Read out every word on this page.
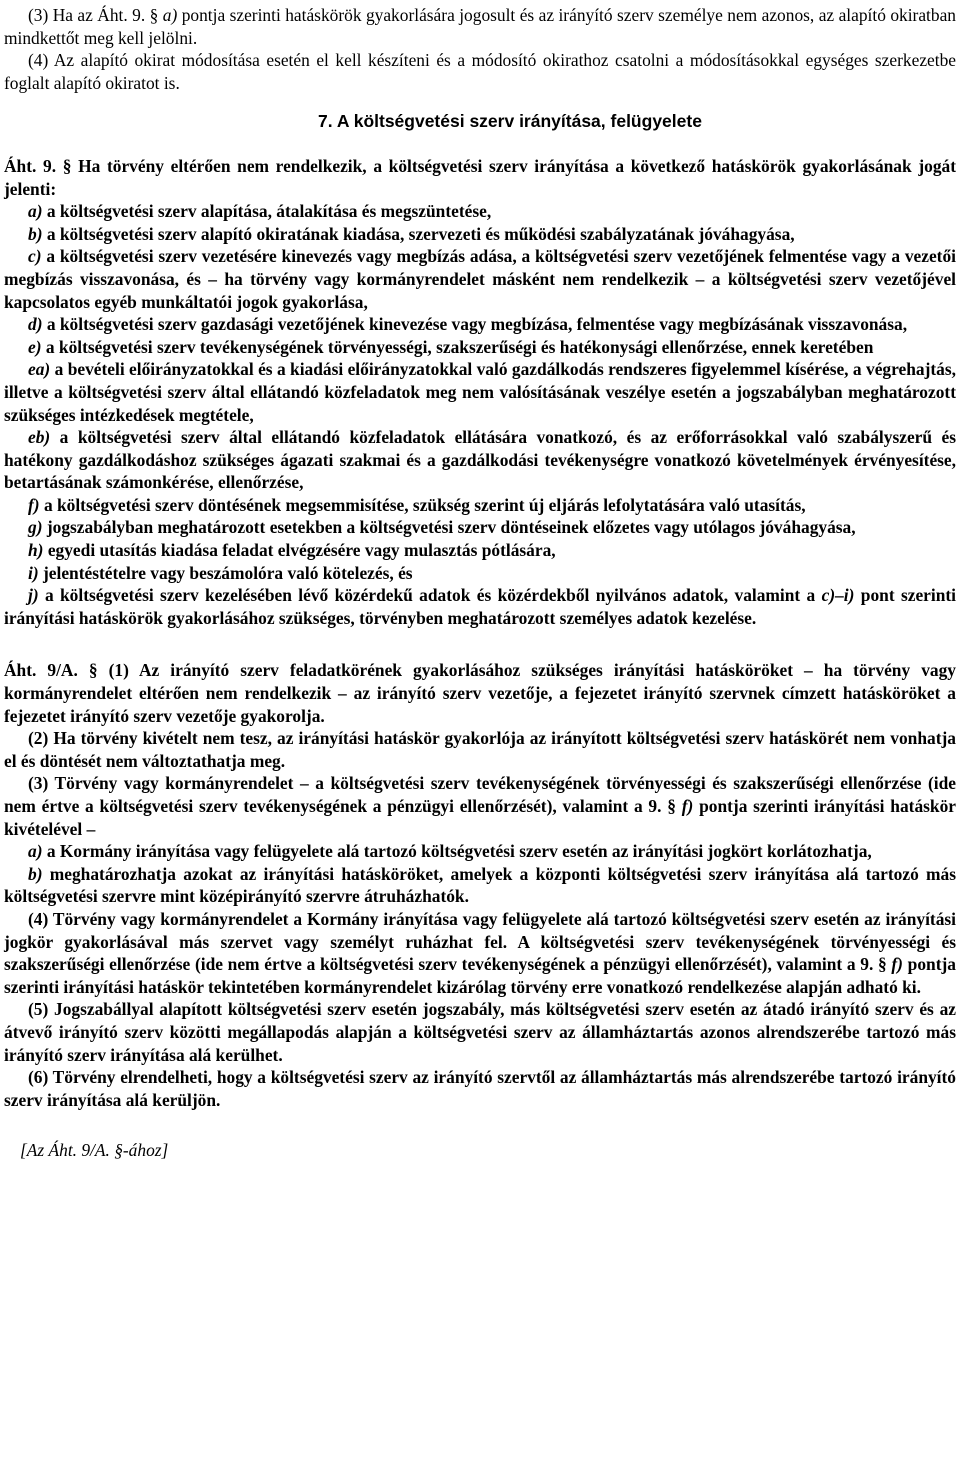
(3) Ha az Áht. 9. § a) pontja szerinti hatáskörök gyakorlására jogosult és az irányító szerv személye nem azonos, az alapító okiratban mindkettőt meg kell jelölni.

(4) Az alapító okirat módosítása esetén el kell készíteni és a módosító okirathoz csatolni a módosításokkal egységes szerkezetbe foglalt alapító okiratot is.

7. A költségvetési szerv irányítása, felügyelete

Áht. 9. § Ha törvény eltérően nem rendelkezik, a költségvetési szerv irányítása a következő hatáskörök gyakorlásának jogát jelenti:

a) a költségvetési szerv alapítása, átalakítása és megszüntetése,

b) a költségvetési szerv alapító okiratának kiadása, szervezeti és működési szabályzatának jóváhagyása,

c) a költségvetési szerv vezetésére kinevezés vagy megbízás adása, a költségvetési szerv vezetőjének felmentése vagy a vezetői megbízás visszavonása, és – ha törvény vagy kormányrendelet másként nem rendelkezik – a költségvetési szerv vezetőjével kapcsolatos egyéb munkáltatói jogok gyakorlása,

d) a költségvetési szerv gazdasági vezetőjének kinevezése vagy megbízása, felmentése vagy megbízásának visszavonása,

e) a költségvetési szerv tevékenységének törvényességi, szakszerűségi és hatékonysági ellenőrzése, ennek keretében

ea) a bevételi előirányzatokkal és a kiadási előirányzatokkal való gazdálkodás rendszeres figyelemmel kísérése, a végrehajtás, illetve a költségvetési szerv által ellátandó közfeladatok meg nem valósításának veszélye esetén a jogszabályban meghatározott szükséges intézkedések megtétele,

eb) a költségvetési szerv által ellátandó közfeladatok ellátására vonatkozó, és az erőforrásokkal való szabályszerű és hatékony gazdálkodáshoz szükséges ágazati szakmai és a gazdálkodási tevékenységre vonatkozó követelmények érvényesítése, betartásának számonkérése, ellenőrzése,

f) a költségvetési szerv döntésének megsemmisítése, szükség szerint új eljárás lefolytatására való utasítás,

g) jogszabályban meghatározott esetekben a költségvetési szerv döntéseinek előzetes vagy utólagos jóváhagyása,

h) egyedi utasítás kiadása feladat elvégzésére vagy mulasztás pótlására,

i) jelentéstételre vagy beszámolóra való kötelezés, és

j) a költségvetési szerv kezelésében lévő közérdekű adatok és közérdekből nyilvános adatok, valamint a c)–i) pont szerinti irányítási hatáskörök gyakorlásához szükséges, törvényben meghatározott személyes adatok kezelése.

Áht. 9/A. § (1) Az irányító szerv feladatkörének gyakorlásához szükséges irányítási hatásköröket – ha törvény vagy kormányrendelet eltérően nem rendelkezik – az irányító szerv vezetője, a fejezetet irányító szervnek címzett hatásköröket a fejezetet irányító szerv vezetője gyakorolja.

(2) Ha törvény kivételt nem tesz, az irányítási hatáskör gyakorlója az irányított költségvetési szerv hatáskörét nem vonhatja el és döntését nem változtathatja meg.

(3) Törvény vagy kormányrendelet – a költségvetési szerv tevékenységének törvényességi és szakszerűségi ellenőrzése (ide nem értve a költségvetési szerv tevékenységének a pénzügyi ellenőrzését), valamint a 9. § f) pontja szerinti irányítási hatáskör kivételével –

a) a Kormány irányítása vagy felügyelete alá tartozó költségvetési szerv esetén az irányítási jogkört korlátozhatja,

b) meghatározhatja azokat az irányítási hatásköröket, amelyek a központi költségvetési szerv irányítása alá tartozó más költségvetési szervre mint középirányító szervre átruházhatók.

(4) Törvény vagy kormányrendelet a Kormány irányítása vagy felügyelete alá tartozó költségvetési szerv esetén az irányítási jogkör gyakorlásával más szervet vagy személyt ruházhat fel. A költségvetési szerv tevékenységének törvényességi és szakszerűségi ellenőrzése (ide nem értve a költségvetési szerv tevékenységének a pénzügyi ellenőrzését), valamint a 9. § f) pontja szerinti irányítási hatáskör tekintetében kormányrendelet kizárólag törvény erre vonatkozó rendelkezése alapján adható ki.

(5) Jogszabállyal alapított költségvetési szerv esetén jogszabály, más költségvetési szerv esetén az átadó irányító szerv és az átvevő irányító szerv közötti megállapodás alapján a költségvetési szerv az államháztartás azonos alrendszerébe tartozó más irányító szerv irányítása alá kerülhet.

(6) Törvény elrendelheti, hogy a költségvetési szerv az irányító szervtől az államháztartás más alrendszerébe tartozó irányító szerv irányítása alá kerüljön.

[Az Áht. 9/A. §-ához]
